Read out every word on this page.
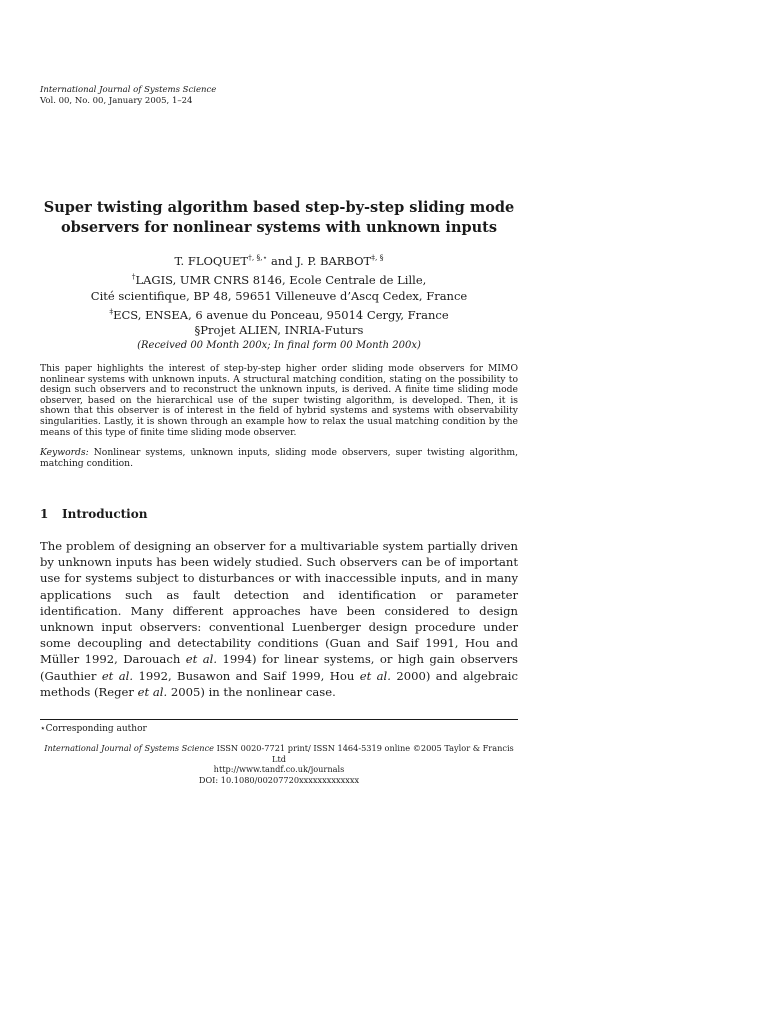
International Journal of Systems Science
Vol. 00, No. 00, January 2005, 1–24
Super twisting algorithm based step-by-step sliding mode
observers for nonlinear systems with unknown inputs
T. FLOQUET†, §,⋆ and J. P. BARBOT‡, §
†LAGIS, UMR CNRS 8146, Ecole Centrale de Lille,
Cité scientifique, BP 48, 59651 Villeneuve d’Ascq Cedex, France
‡ECS, ENSEA, 6 avenue du Ponceau, 95014 Cergy, France
§Projet ALIEN, INRIA-Futurs
(Received 00 Month 200x; In final form 00 Month 200x)

This paper highlights the interest of step-by-step higher order sliding mode observers for MIMO nonlinear systems with unknown inputs. A structural matching condition, stating on the possibility to design such observers and to reconstruct the unknown inputs, is derived. A finite time sliding mode observer, based on the hierarchical use of the super twisting algorithm, is developed. Then, it is shown that this observer is of interest in the field of hybrid systems and systems with observability singularities. Lastly, it is shown through an example how to relax the usual matching condition by the means of this type of finite time sliding mode observer.

Keywords: Nonlinear systems, unknown inputs, sliding mode observers, super twisting algorithm, matching condition.

1 Introduction
The problem of designing an observer for a multivariable system partially driven by unknown inputs has been widely studied. Such observers can be of important use for systems subject to disturbances or with inaccessible inputs, and in many applications such as fault detection and identification or parameter identification. Many different approaches have been considered to design unknown input observers: conventional Luenberger design procedure under some decoupling and detectability conditions (Guan and Saif 1991, Hou and Müller 1992, Darouach et al. 1994) for linear systems, or high gain observers (Gauthier et al. 1992, Busawon and Saif 1999, Hou et al. 2000) and algebraic methods (Reger et al. 2005) in the nonlinear case.
⋆Corresponding author
International Journal of Systems Science ISSN 0020-7721 print/ ISSN 1464-5319 online ©2005 Taylor & Francis Ltd
http://www.tandf.co.uk/journals
DOI: 10.1080/00207720xxxxxxxxxxxxx
